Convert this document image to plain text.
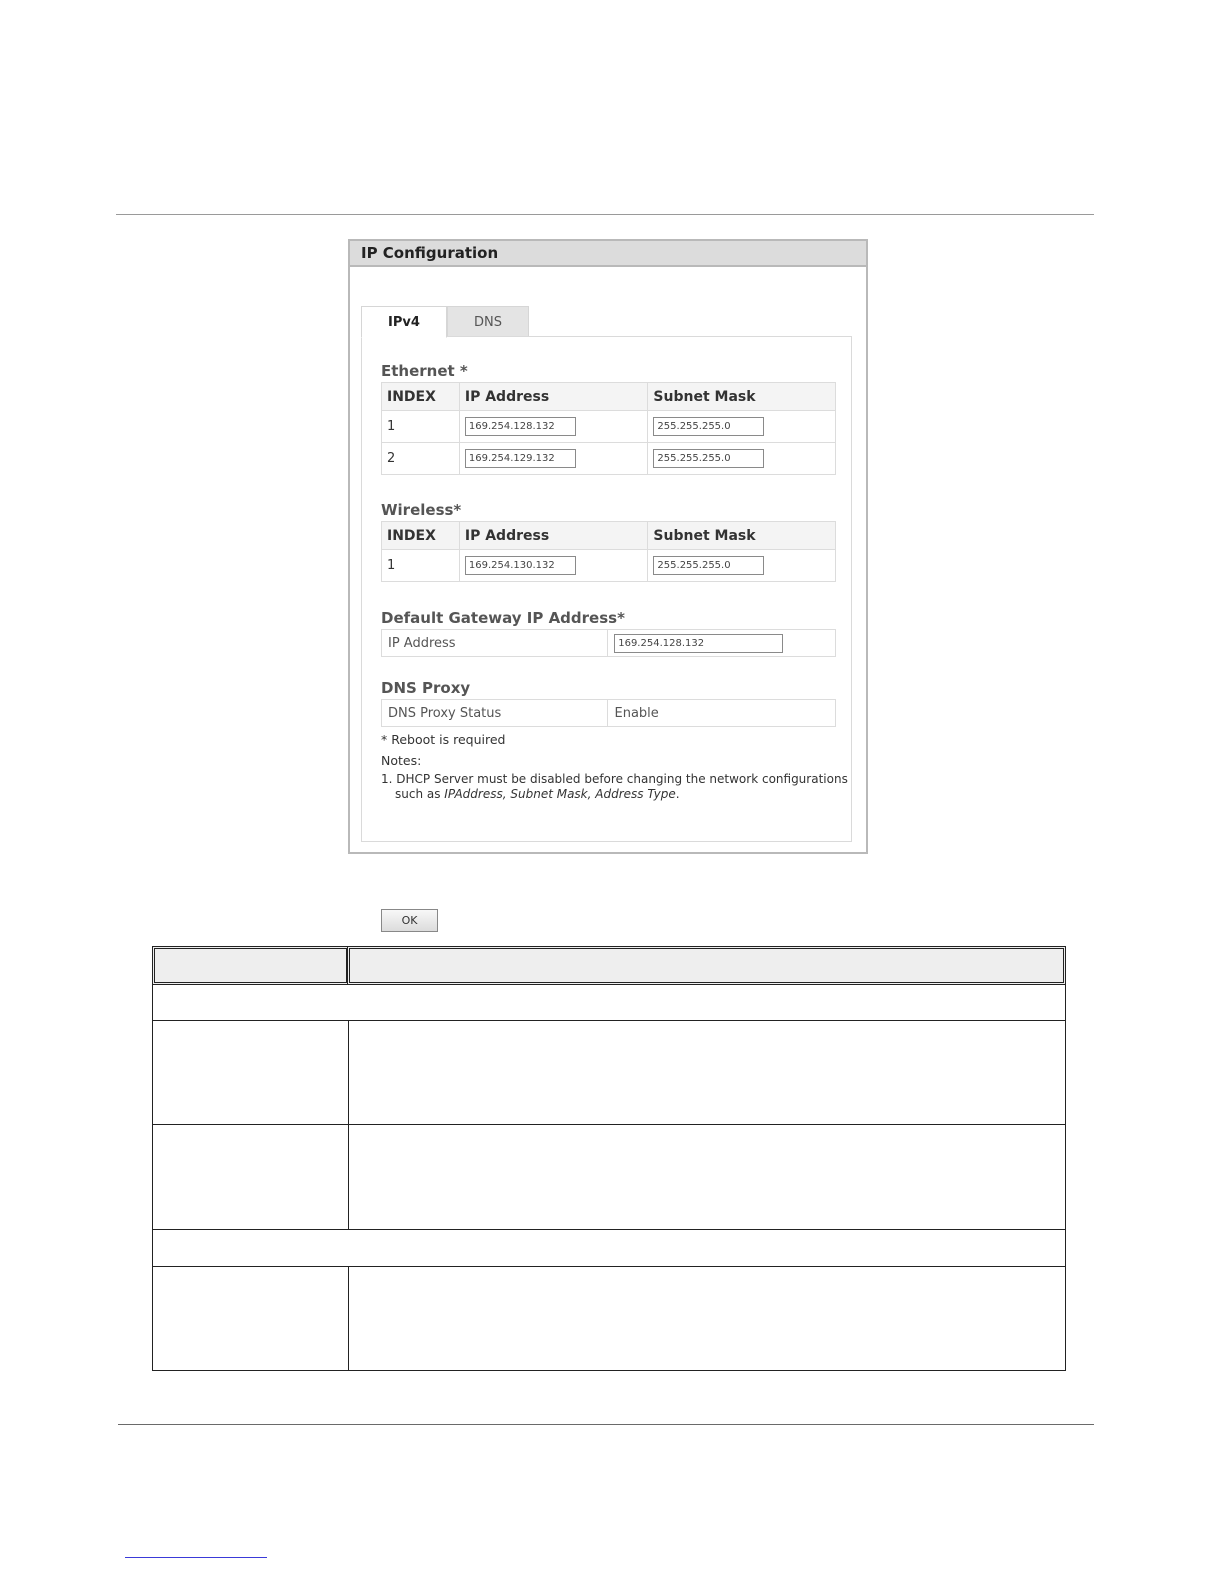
IP Configuration
IPv4	DNS
Ethernet *
INDEX	IP Address	Subnet Mask
1	169.254.128.132	255.255.255.0
2	169.254.129.132	255.255.255.0
Wireless*
INDEX	IP Address	Subnet Mask
1	169.254.130.132	255.255.255.0
Default Gateway IP Address*
IP Address	169.254.128.132
DNS Proxy
DNS Proxy Status	Enable
* Reboot is required
Notes:
1. DHCP Server must be disabled before changing the network configurations
such as IPAddress, Subnet Mask, Address Type.
OK
